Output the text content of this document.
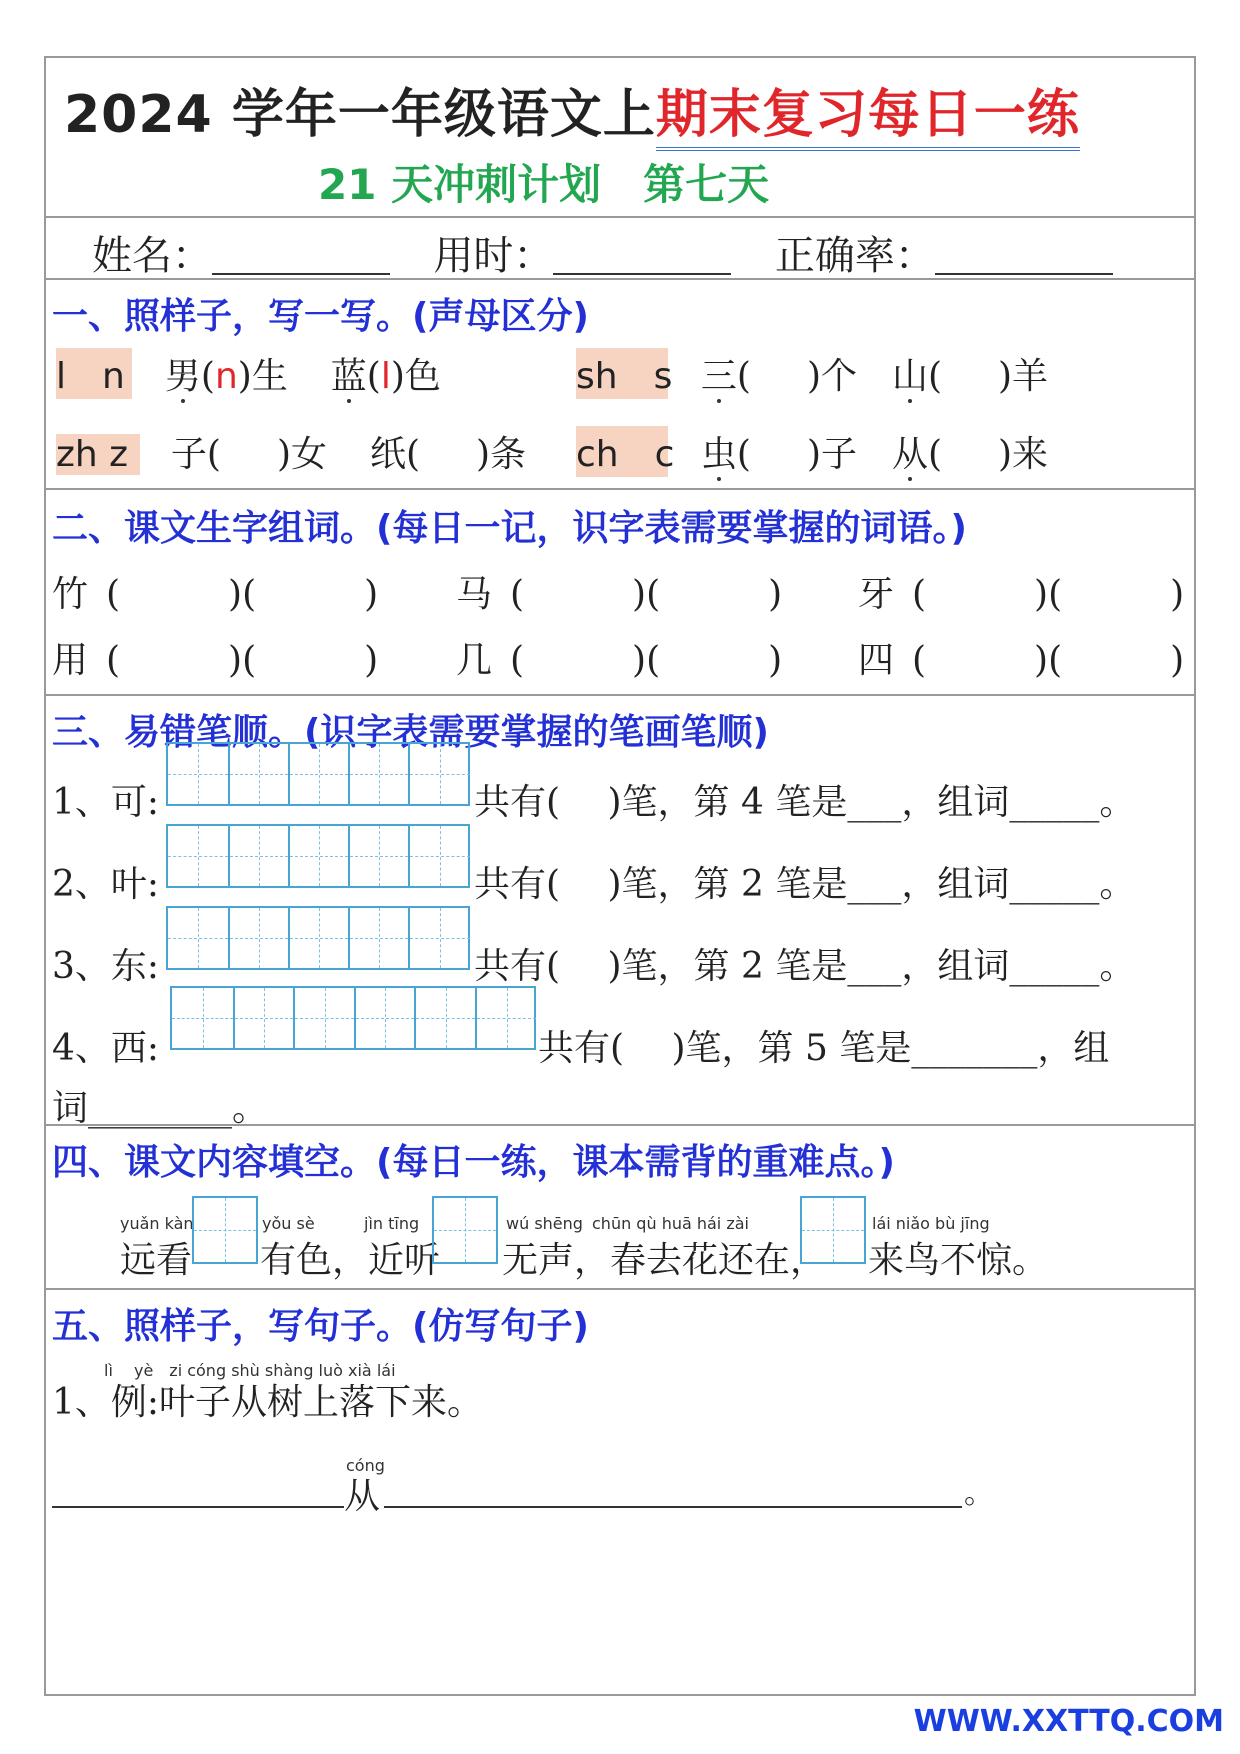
2024 学年一年级语文上期末复习每日一练
21 天冲刺计划　第七天
姓名：	用时：	正确率：
一、照样子，写一写。(声母区分)
l　n 男(n)生 蓝(l)色	sh　s 三( )个 山( )羊
zh z 子( )女 纸( )条 ch　c 虫( )子 从( )来
二、课文生字组词。(每日一记，识字表需要掌握的词语。)
竹 (　　　)(　　　) 马 (　　　)(　　　) 牙 (　　　)(　　　)
用 (　　　)(　　　) 几 (　　　)(　　　) 四 (　　　)(　　　)
三、易错笔顺。(识字表需要掌握的笔画笔顺)
1、可:	共有(　 )笔，第 4 笔是___，组词_____。
2、叶:	共有(　 )笔，第 2 笔是___，组词_____。
3、东:	共有(　 )笔，第 2 笔是___，组词_____。
4、西:	共有(　 )笔，第 5 笔是_______，组
词________。
四、课文内容填空。(每日一练，课本需背的重难点。)
yuǎn kàn
远看
yǒu sè	jìn tīng
有色，近听
wú shēng chūn qù huā hái zài
无声，春去花还在，
lái niǎo bù jīng
来鸟不惊。
五、照样子，写句子。(仿写句子)
lì　 yè　zi cóng shù shàng luò xià lái
1、例:叶子从树上落下来。
cóng
从	。
WWW.XXTTQ.COM
